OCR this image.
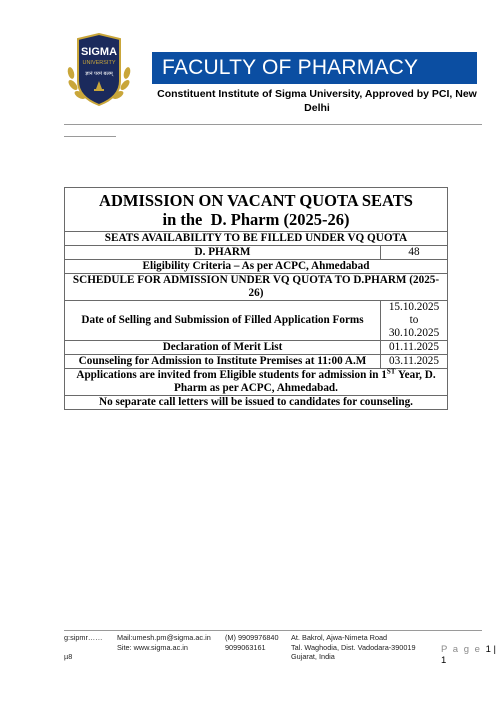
SIGMA
UNIVERSITY
ज्ञानं परमं बलम्	FACULTY OF PHARMACY
Constituent Institute of Sigma University, Approved by PCI, New Delhi
ADMISSION ON VACANT QUOTA SEATS
in the  D. Pharm (2025-26)	
SEATS AVAILABILITY TO BE FILLED UNDER VQ QUOTA	
D. PHARM	48
Eligibility Criteria – As per ACPC, Ahmedabad	
SCHEDULE FOR ADMISSION UNDER VQ QUOTA TO D.PHARM (2025-26)	
Date of Selling and Submission of Filled Application Forms	15.10.2025
to
30.10.2025
Declaration of Merit List	01.11.2025
Counseling for Admission to Institute Premises at 11:00 A.M	03.11.2025
Applications are invited from Eligible students for admission in 1ST Year, D. Pharm as per ACPC, Ahmedabad.	
No separate call letters will be issued to candidates for counseling.	
g:sipmr……

µ8
Mail:umesh.pm@sigma.ac.in
Site: www.sigma.ac.in
(M) 9909976840
9099063161
At. Bakrol, Ajwa-Nimeta Road
Tal. Waghodia, Dist. Vadodara-390019
Gujarat, India
P a g e 1 | 1
